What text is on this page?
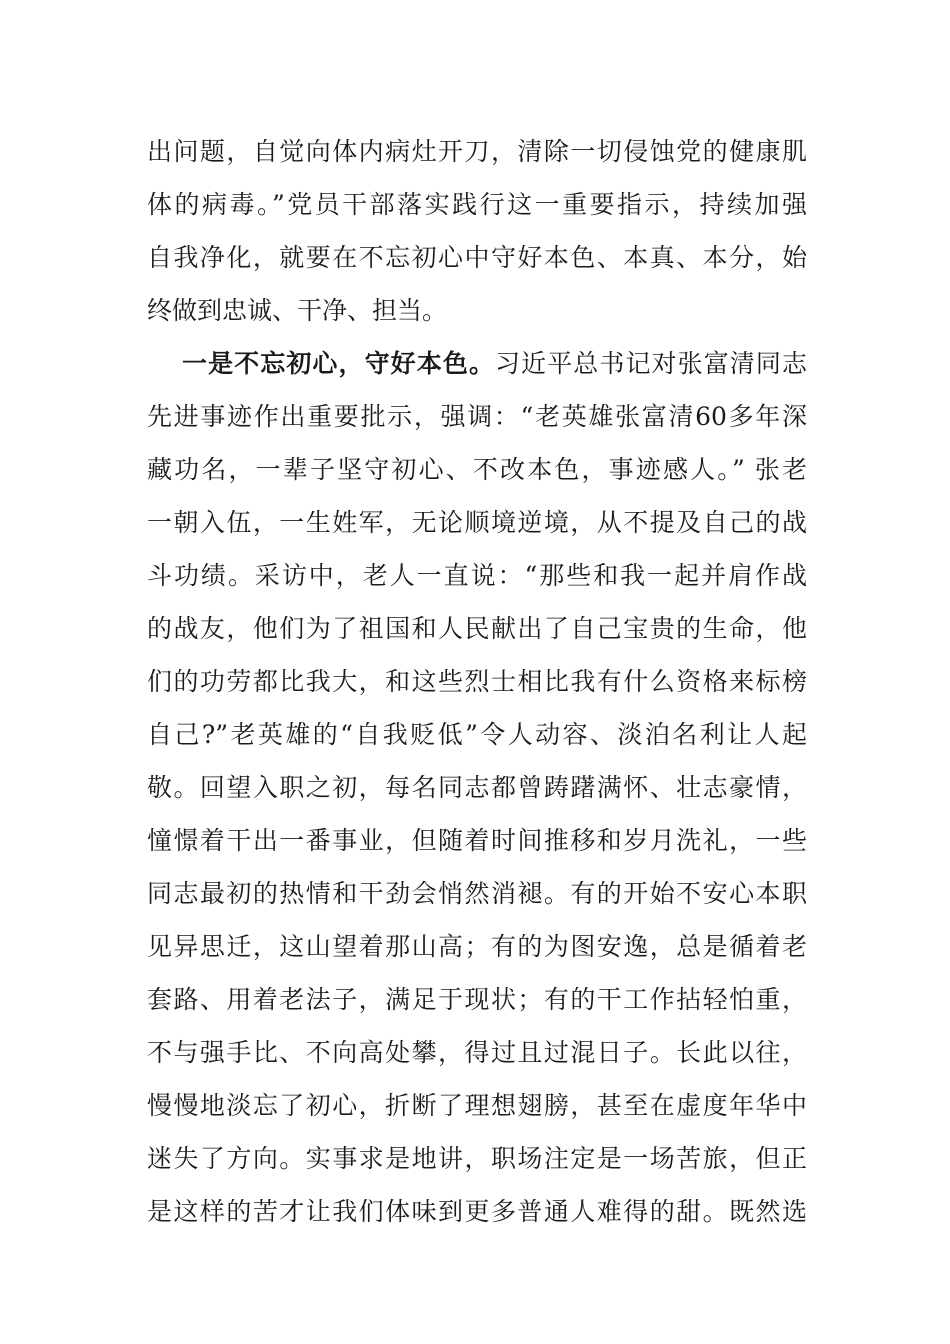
出问题，自觉向体内病灶开刀，清除一切侵蚀党的健康肌
体的病毒。”党员干部落实践行这一重要指示，持续加强
自我净化，就要在不忘初心中守好本色、本真、本分，始
终做到忠诚、干净、担当。
一是不忘初心，守好本色。习近平总书记对张富清同志
先进事迹作出重要批示，强调：“老英雄张富清60多年深
藏功名，一辈子坚守初心、不改本色，事迹感人。” 张老
一朝入伍，一生姓军，无论顺境逆境，从不提及自己的战
斗功绩。采访中，老人一直说：“那些和我一起并肩作战
的战友，他们为了祖国和人民献出了自己宝贵的生命，他
们的功劳都比我大，和这些烈士相比我有什么资格来标榜
自己?”老英雄的“自我贬低”令人动容、淡泊名利让人起
敬。回望入职之初，每名同志都曾踌躇满怀、壮志豪情，
憧憬着干出一番事业，但随着时间推移和岁月洗礼，一些
同志最初的热情和干劲会悄然消褪。有的开始不安心本职
见异思迁，这山望着那山高；有的为图安逸，总是循着老
套路、用着老法子，满足于现状；有的干工作拈轻怕重，
不与强手比、不向高处攀，得过且过混日子。长此以往，
慢慢地淡忘了初心，折断了理想翅膀，甚至在虚度年华中
迷失了方向。实事求是地讲，职场注定是一场苦旅，但正
是这样的苦才让我们体味到更多普通人难得的甜。既然选
